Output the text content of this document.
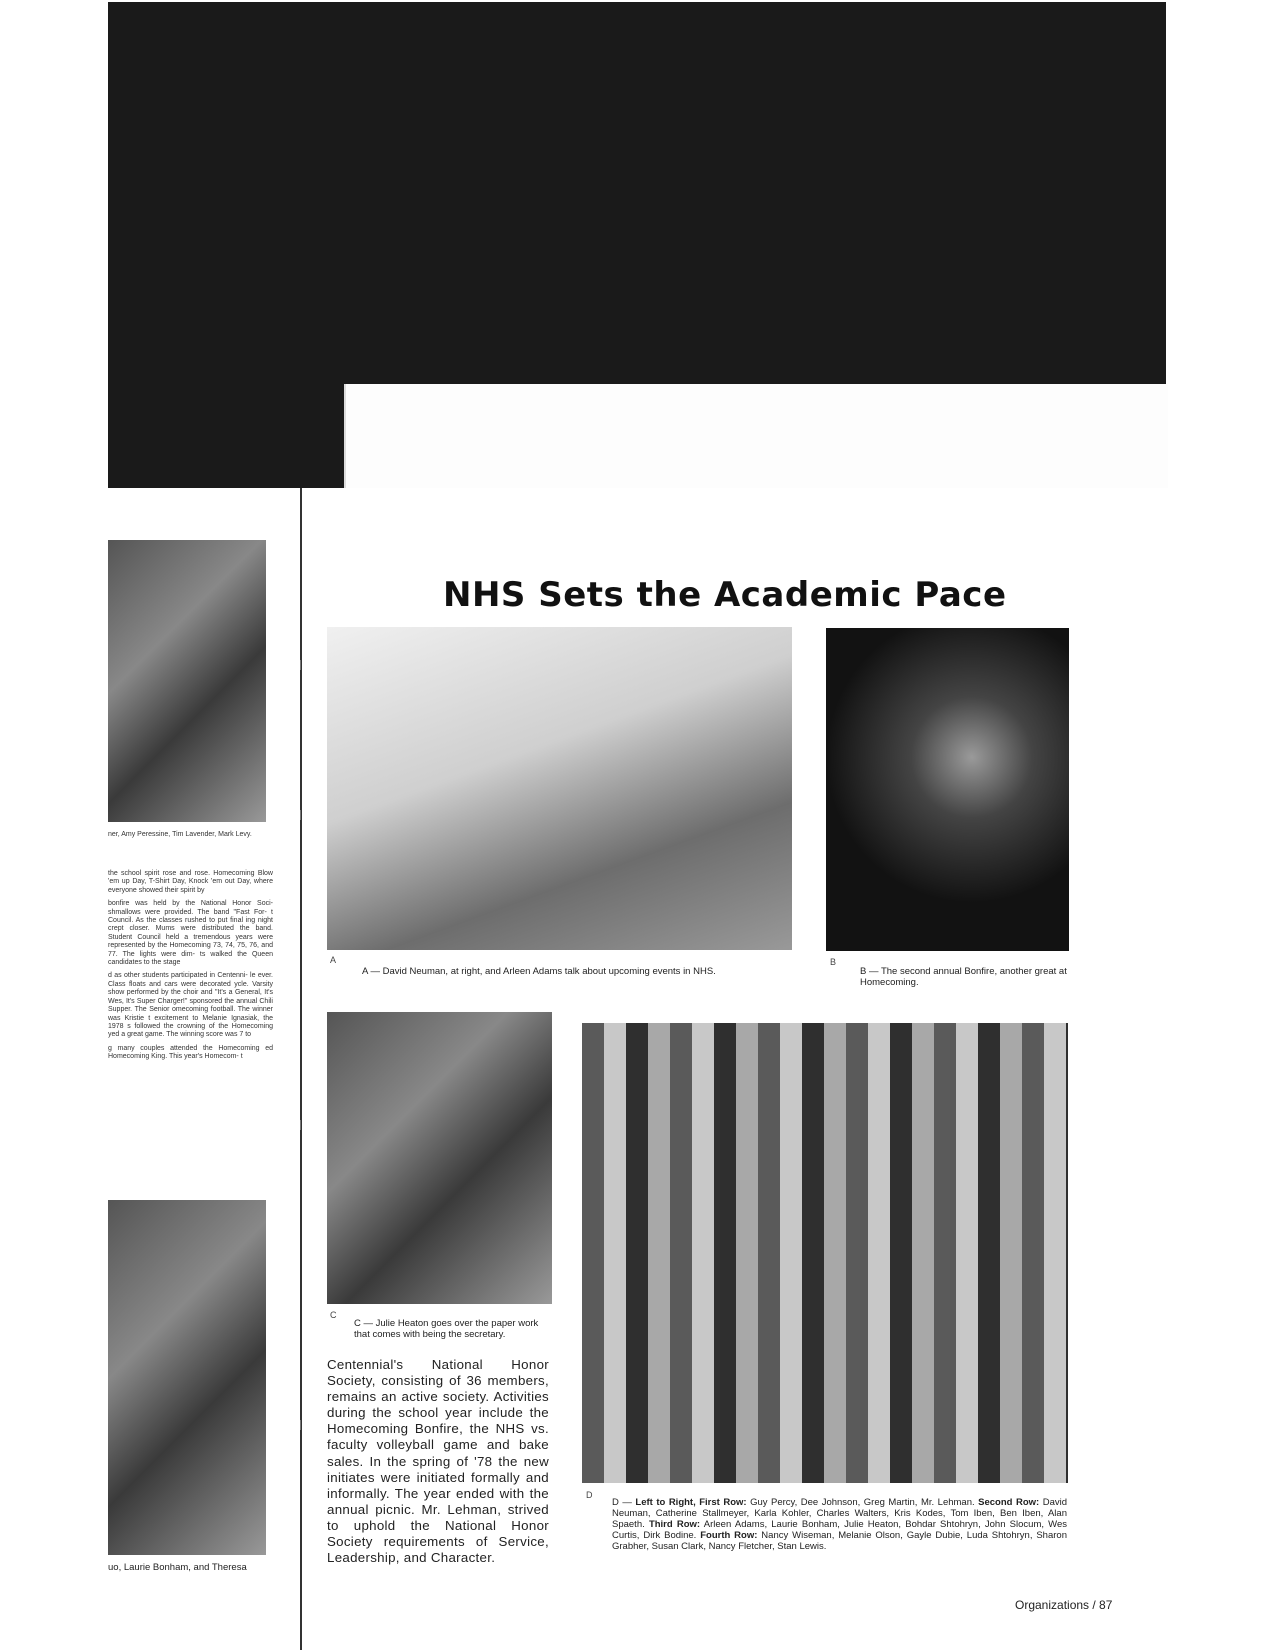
ner, Amy Peressine, Tim Lavender, Mark Levy.

the school spirit rose and rose. Homecoming Blow 'em up Day, T-Shirt Day, Knock 'em out Day, where everyone showed their spirit by

bonfire was held by the National Honor Soci- shmallows were provided. The band "Fast For- t Council. As the classes rushed to put final ing night crept closer. Mums were distributed the band. Student Council held a tremendous years were represented by the Homecoming 73, 74, 75, 76, and 77. The lights were dim- ts walked the Queen candidates to the stage

d as other students participated in Centenni- le ever. Class floats and cars were decorated ycle. Varsity show performed by the choir and "It's a General, It's Wes, It's Super Charger!" sponsored the annual Chili Supper. The Senior omecoming football. The winner was Kristie t excitement to Melanie Ignasiak, the 1978 s followed the crowning of the Homecoming yed a great game. The winning score was 7 to

g many couples attended the Homecoming ed Homecoming King. This year's Homecom- t

uo, Laurie Bonham, and Theresa
NHS Sets the Academic Pace
A
A — David Neuman, at right, and Arleen Adams talk about upcoming events in NHS.
B
B — The second annual Bonfire, another great at Homecoming.
C
C — Julie Heaton goes over the paper work that comes with being the secretary.
Centennial's National Honor Society, consisting of 36 members, remains an active society. Activities during the school year include the Homecoming Bonfire, the NHS vs. faculty volleyball game and bake sales. In the spring of '78 the new initiates were initiated formally and informally. The year ended with the annual picnic. Mr. Lehman, strived to uphold the National Honor Society requirements of Service, Leadership, and Character.
D
D — Left to Right, First Row: Guy Percy, Dee Johnson, Greg Martin, Mr. Lehman. Second Row: David Neuman, Catherine Stallmeyer, Karla Kohler, Charles Walters, Kris Kodes, Tom Iben, Ben Iben, Alan Spaeth. Third Row: Arleen Adams, Laurie Bonham, Julie Heaton, Bohdar Shtohryn, John Slocum, Wes Curtis, Dirk Bodine. Fourth Row: Nancy Wiseman, Melanie Olson, Gayle Dubie, Luda Shtohryn, Sharon Grabher, Susan Clark, Nancy Fletcher, Stan Lewis.
Organizations / 87
